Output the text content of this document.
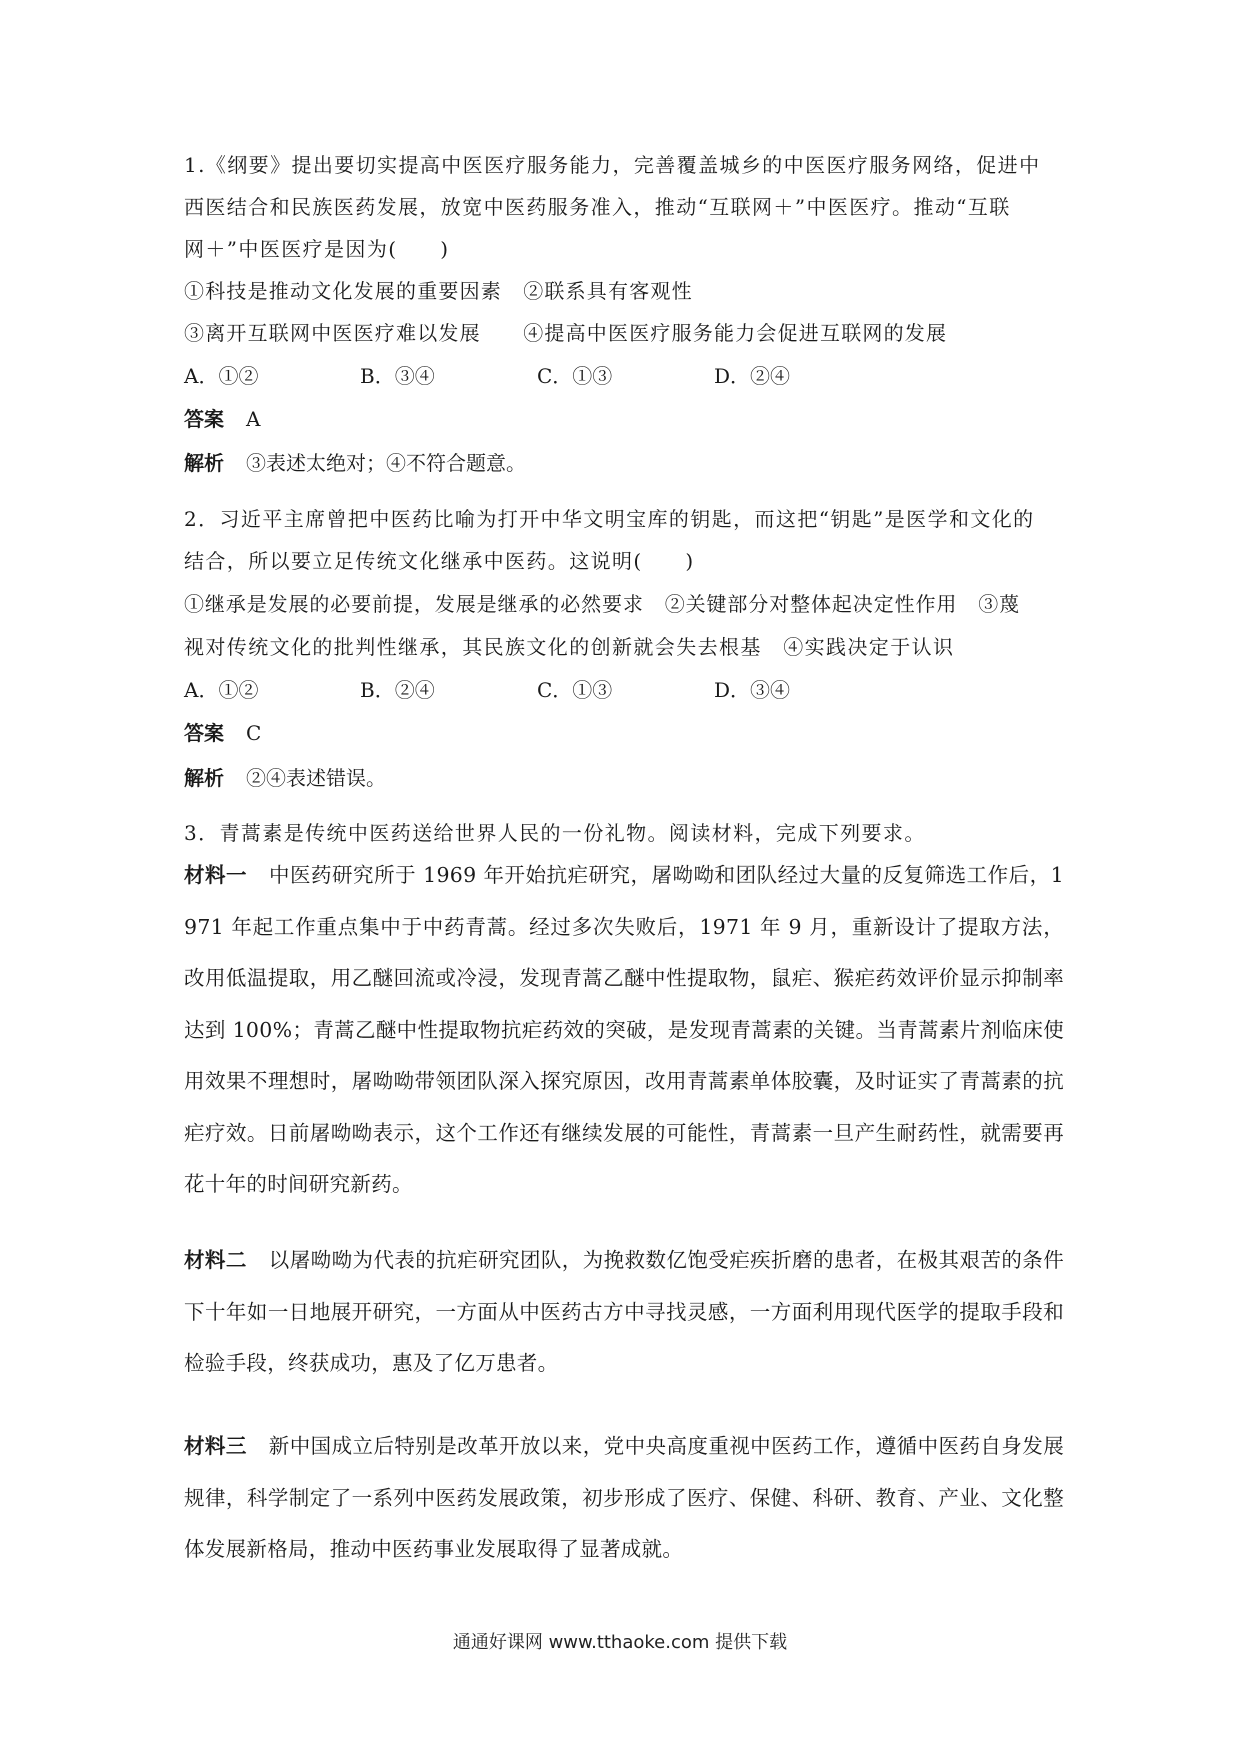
1.《纲要》提出要切实提高中医医疗服务能力，完善覆盖城乡的中医医疗服务网络，促进中
西医结合和民族医药发展，放宽中医药服务准入，推动“互联网＋”中医医疗。推动“互联
网＋”中医医疗是因为(　　)
①科技是推动文化发展的重要因素　②联系具有客观性
③离开互联网中医医疗难以发展　　④提高中医医疗服务能力会促进互联网的发展
A．①②	B．③④	C．①③	D．②④
答案 A
解析 ③表述太绝对；④不符合题意。
2．习近平主席曾把中医药比喻为打开中华文明宝库的钥匙，而这把“钥匙”是医学和文化的
结合，所以要立足传统文化继承中医药。这说明(　　)
①继承是发展的必要前提，发展是继承的必然要求　②关键部分对整体起决定性作用　③蔑
视对传统文化的批判性继承，其民族文化的创新就会失去根基　④实践决定于认识
A．①②	B．②④	C．①③	D．③④
答案 C
解析 ②④表述错误。
3．青蒿素是传统中医药送给世界人民的一份礼物。阅读材料，完成下列要求。
材料一 中医药研究所于 1969 年开始抗疟研究，屠呦呦和团队经过大量的反复筛选工作后，1971 年起工作重点集中于中药青蒿。经过多次失败后，1971 年 9 月，重新设计了提取方法，改用低温提取，用乙醚回流或冷浸，发现青蒿乙醚中性提取物，鼠疟、猴疟药效评价显示抑制率达到 100%；青蒿乙醚中性提取物抗疟药效的突破，是发现青蒿素的关键。当青蒿素片剂临床使用效果不理想时，屠呦呦带领团队深入探究原因，改用青蒿素单体胶囊，及时证实了青蒿素的抗疟疗效。日前屠呦呦表示，这个工作还有继续发展的可能性，青蒿素一旦产生耐药性，就需要再花十年的时间研究新药。
材料二 以屠呦呦为代表的抗疟研究团队，为挽救数亿饱受疟疾折磨的患者，在极其艰苦的条件下十年如一日地展开研究，一方面从中医药古方中寻找灵感，一方面利用现代医学的提取手段和检验手段，终获成功，惠及了亿万患者。
材料三 新中国成立后特别是改革开放以来，党中央高度重视中医药工作，遵循中医药自身发展规律，科学制定了一系列中医药发展政策，初步形成了医疗、保健、科研、教育、产业、文化整体发展新格局，推动中医药事业发展取得了显著成就。
通通好课网 www.tthaoke.com 提供下载
